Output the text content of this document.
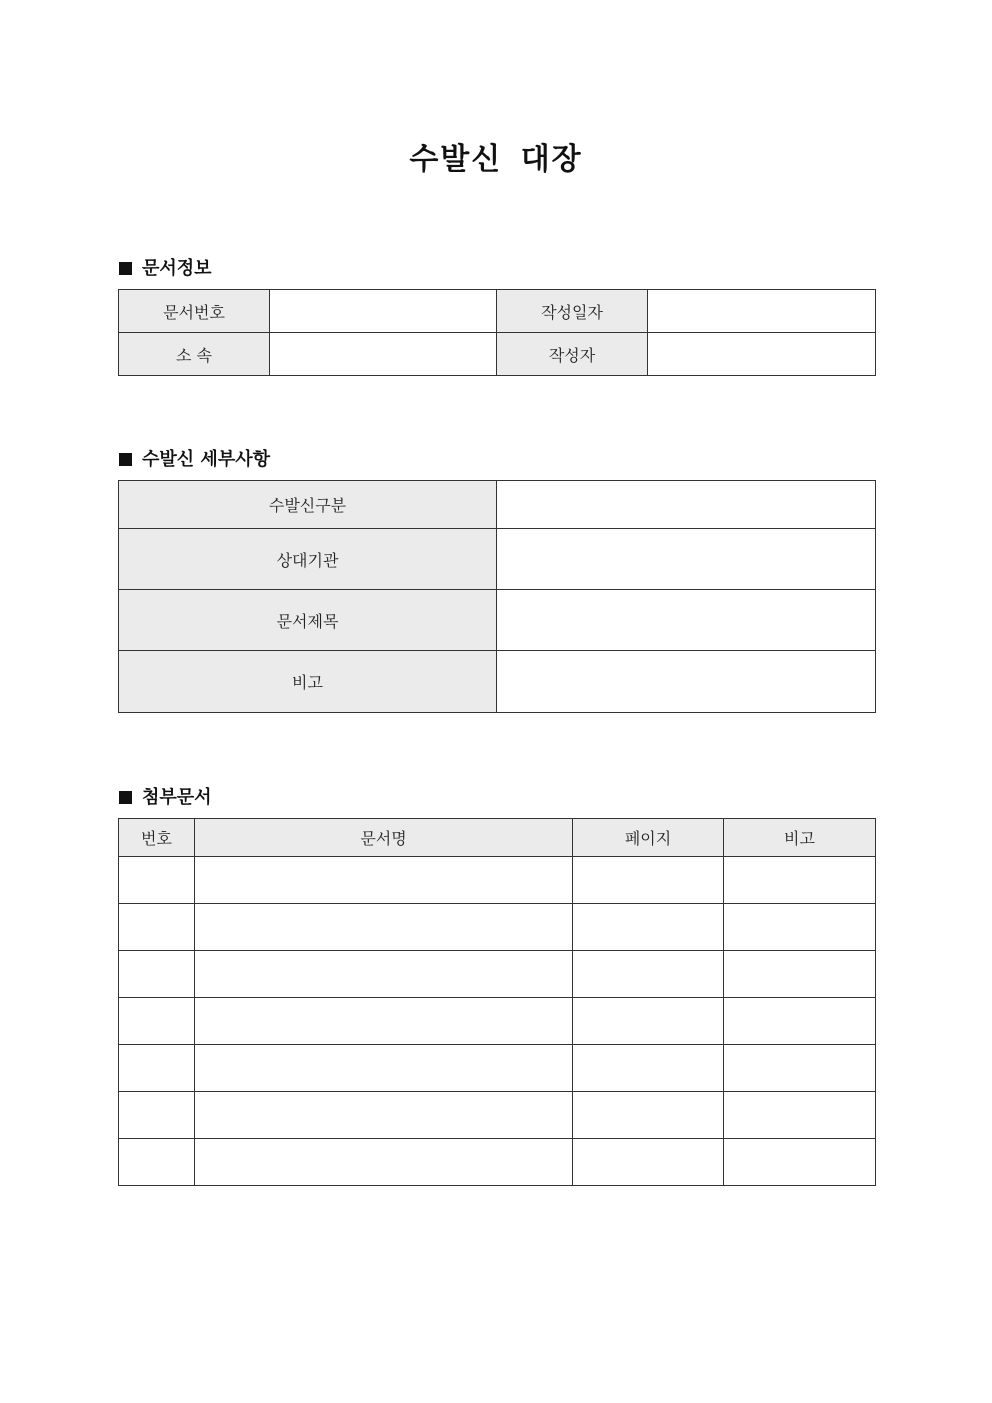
수발신 대장
문서정보
문서번호		작성일자	
소 속		작성자	
수발신 세부사항
수발신구분	
상대기관	
문서제목	
비고	
첨부문서
번호	문서명	페이지	비고
